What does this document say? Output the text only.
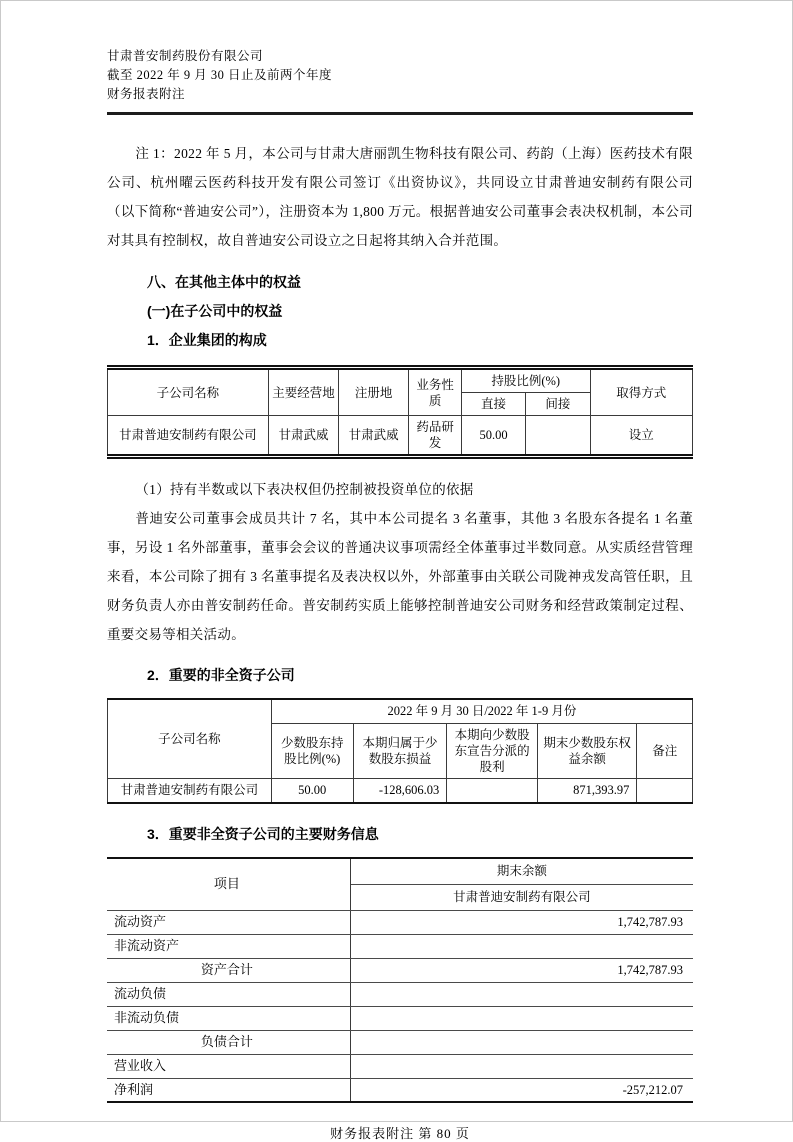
甘肃普安制药股份有限公司
截至 2022 年 9 月 30 日止及前两个年度
财务报表附注

注 1：2022 年 5 月，本公司与甘肃大唐丽凯生物科技有限公司、药韵（上海）医药技术有限公司、杭州曜云医药科技开发有限公司签订《出资协议》，共同设立甘肃普迪安制药有限公司（以下简称“普迪安公司”），注册资本为 1,800 万元。根据普迪安公司董事会表决权机制，本公司对其具有控制权，故自普迪安公司设立之日起将其纳入合并范围。

八、在其他主体中的权益
(一)在子公司中的权益
1．企业集团的构成
子公司名称	主要经营地	注册地	业务性质	持股比例(%)		取得方式
				直接	间接	
甘肃普迪安制药有限公司	甘肃武威	甘肃武威	药品研发	50.00		设立

（1）持有半数或以下表决权但仍控制被投资单位的依据

普迪安公司董事会成员共计 7 名，其中本公司提名 3 名董事，其他 3 名股东各提名 1 名董事，另设 1 名外部董事，董事会会议的普通决议事项需经全体董事过半数同意。从实质经营管理来看，本公司除了拥有 3 名董事提名及表决权以外，外部董事由关联公司陇神戎发高管任职，且财务负责人亦由普安制药任命。普安制药实质上能够控制普迪安公司财务和经营政策制定过程、重要交易等相关活动。

2．重要的非全资子公司
子公司名称	2022 年 9 月 30 日/2022 年 1-9 月份				
	少数股东持股比例(%)	本期归属于少数股东损益	本期向少数股东宣告分派的股利	期末少数股东权益余额	备注
甘肃普迪安制药有限公司	50.00	-128,606.03		871,393.97	
3．重要非全资子公司的主要财务信息
项目	期末余额
	甘肃普迪安制药有限公司
流动资产	1,742,787.93
非流动资产	
资产合计	1,742,787.93
流动负债	
非流动负债	
负债合计	
营业收入	
净利润	-257,212.07
财务报表附注 第 80 页
